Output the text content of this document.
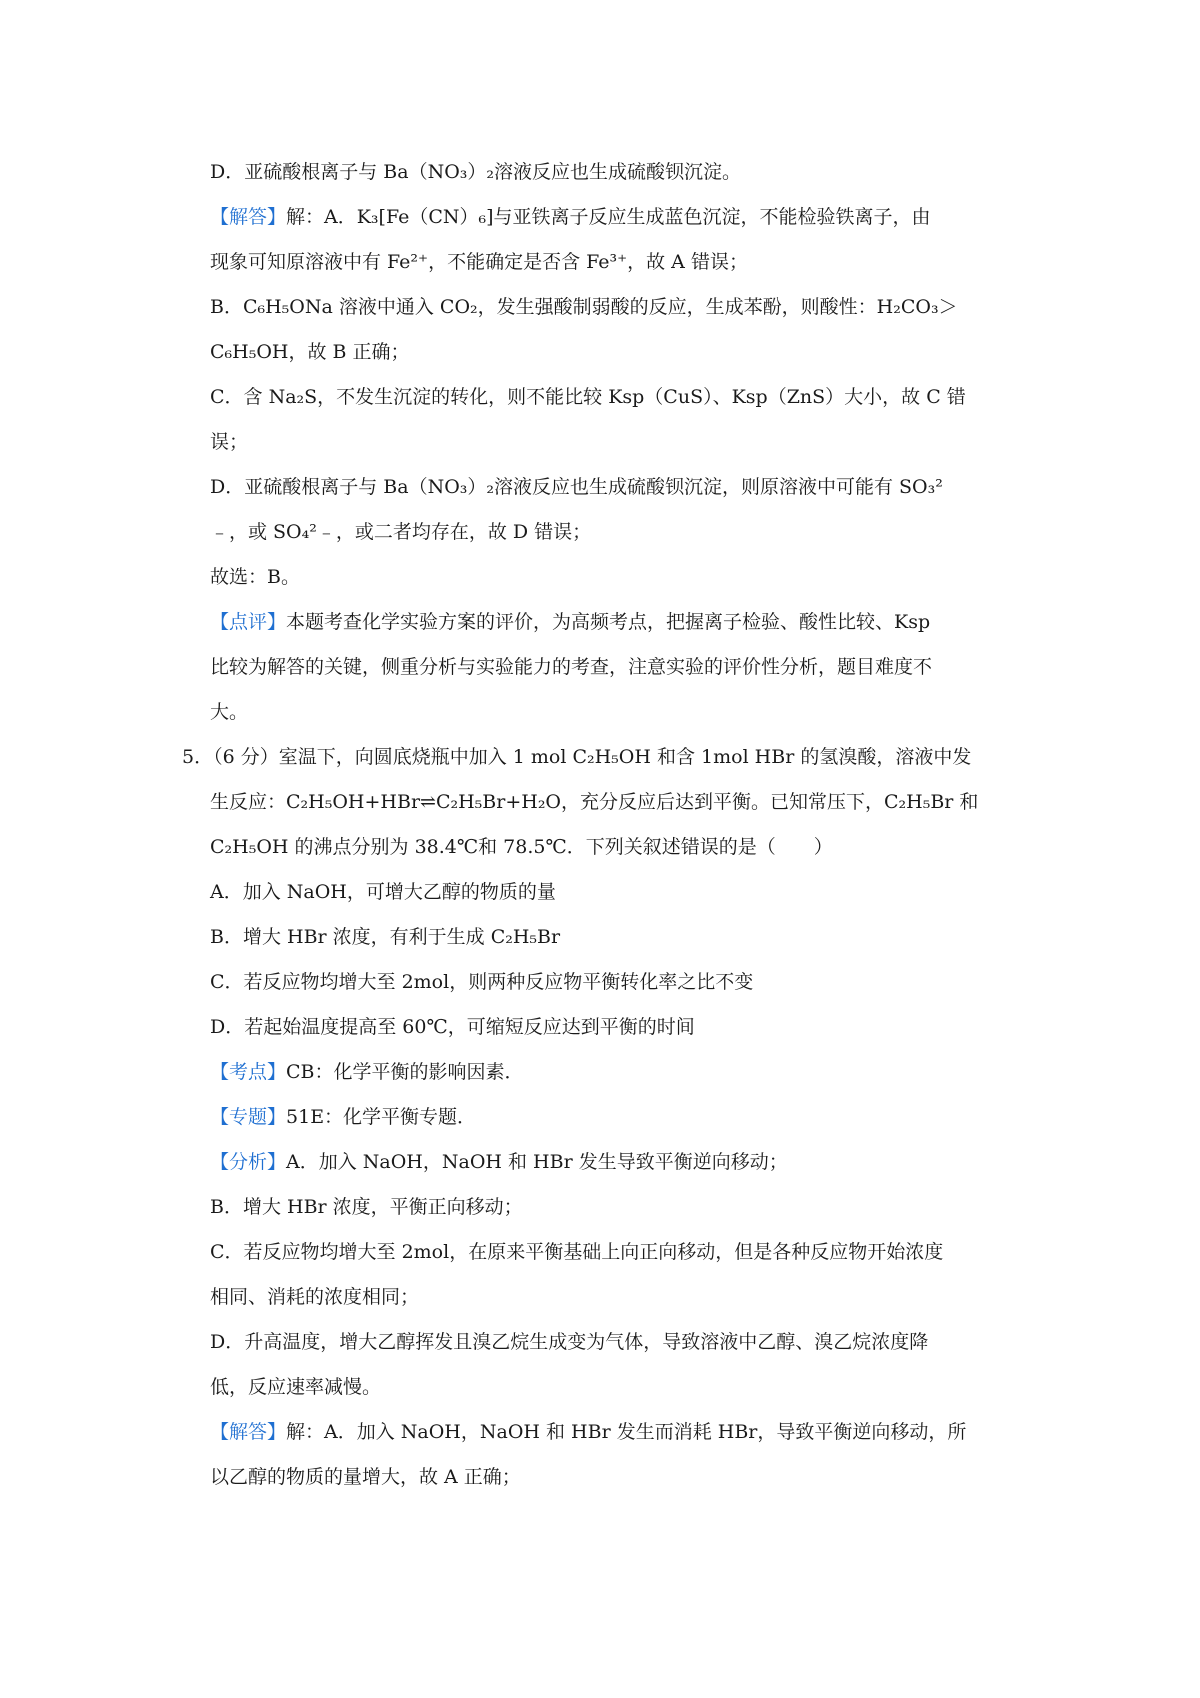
D．亚硫酸根离子与 Ba（NO₃）₂溶液反应也生成硫酸钡沉淀。
【解答】解：A．K₃[Fe（CN）₆]与亚铁离子反应生成蓝色沉淀，不能检验铁离子，由
现象可知原溶液中有 Fe²⁺，不能确定是否含 Fe³⁺，故 A 错误；
B．C₆H₅ONa 溶液中通入 CO₂，发生强酸制弱酸的反应，生成苯酚，则酸性：H₂CO₃＞
C₆H₅OH，故 B 正确；
C．含 Na₂S，不发生沉淀的转化，则不能比较 Ksp（CuS）、Ksp（ZnS）大小，故 C 错
误；
D．亚硫酸根离子与 Ba（NO₃）₂溶液反应也生成硫酸钡沉淀，则原溶液中可能有 SO₃²
﹣，或 SO₄²﹣，或二者均存在，故 D 错误；
故选：B。
【点评】本题考查化学实验方案的评价，为高频考点，把握离子检验、酸性比较、Ksp
比较为解答的关键，侧重分析与实验能力的考查，注意实验的评价性分析，题目难度不
大。
5．（6 分）室温下，向圆底烧瓶中加入 1 mol C₂H₅OH 和含 1mol HBr 的氢溴酸，溶液中发
生反应：C₂H₅OH+HBr⇌C₂H₅Br+H₂O，充分反应后达到平衡。已知常压下，C₂H₅Br 和
C₂H₅OH 的沸点分别为 38.4℃和 78.5℃．下列关叙述错误的是（　　）
A．加入 NaOH，可增大乙醇的物质的量
B．增大 HBr 浓度，有利于生成 C₂H₅Br
C．若反应物均增大至 2mol，则两种反应物平衡转化率之比不变
D．若起始温度提高至 60℃，可缩短反应达到平衡的时间
【考点】CB：化学平衡的影响因素．
【专题】51E：化学平衡专题．
【分析】A．加入 NaOH，NaOH 和 HBr 发生导致平衡逆向移动；
B．增大 HBr 浓度，平衡正向移动；
C．若反应物均增大至 2mol，在原来平衡基础上向正向移动，但是各种反应物开始浓度
相同、消耗的浓度相同；
D．升高温度，增大乙醇挥发且溴乙烷生成变为气体，导致溶液中乙醇、溴乙烷浓度降
低，反应速率减慢。
【解答】解：A．加入 NaOH，NaOH 和 HBr 发生而消耗 HBr，导致平衡逆向移动，所
以乙醇的物质的量增大，故 A 正确；
